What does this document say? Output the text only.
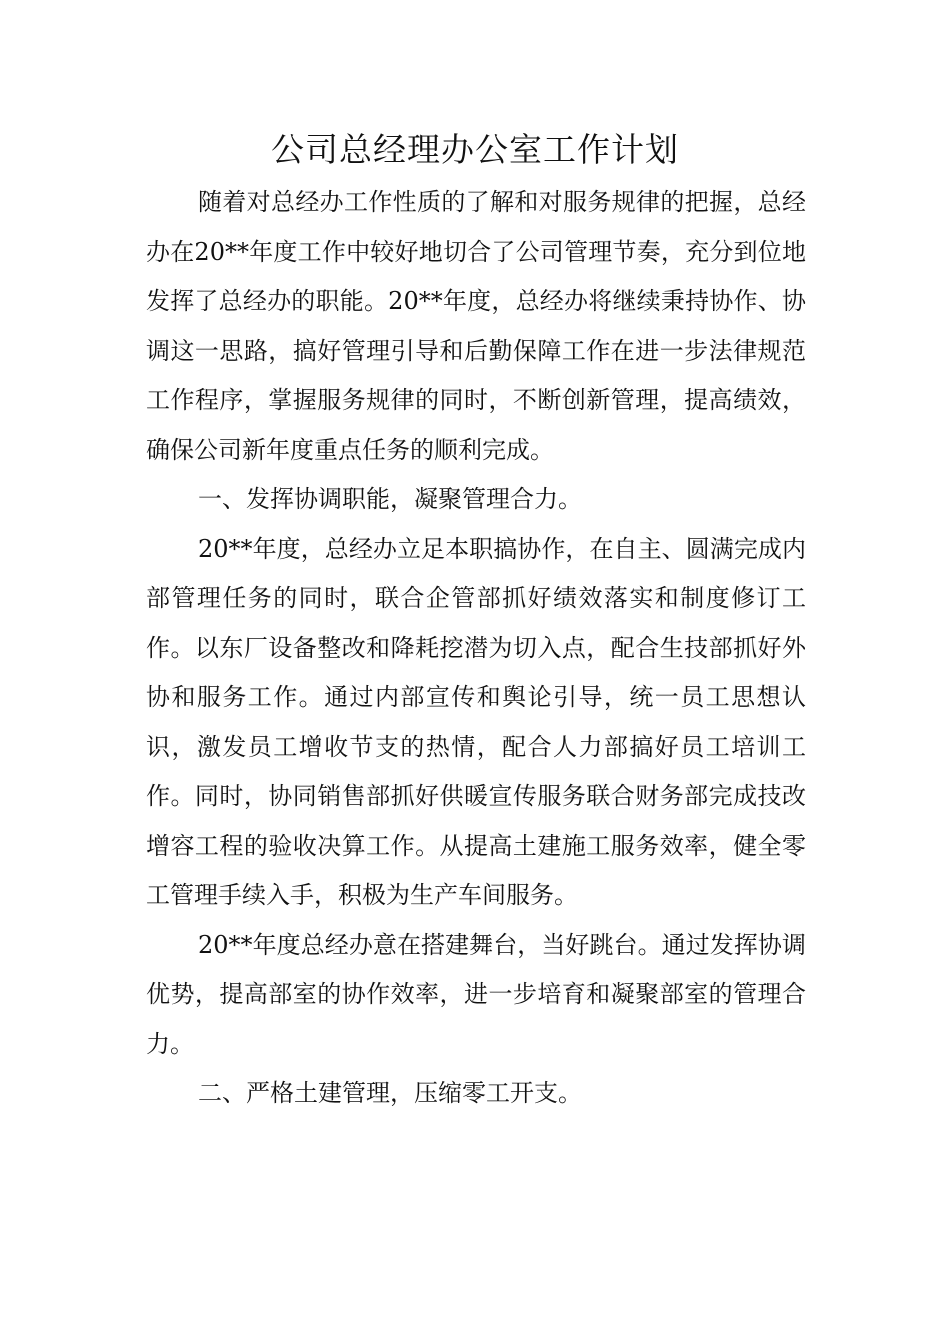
公司总经理办公室工作计划

随着对总经办工作性质的了解和对服务规律的把握，总经办在20**年度工作中较好地切合了公司管理节奏，充分到位地发挥了总经办的职能。20**年度，总经办将继续秉持协作、协调这一思路，搞好管理引导和后勤保障工作在进一步法律规范工作程序，掌握服务规律的同时，不断创新管理，提高绩效，确保公司新年度重点任务的顺利完成。

一、发挥协调职能，凝聚管理合力。

20**年度，总经办立足本职搞协作，在自主、圆满完成内部管理任务的同时，联合企管部抓好绩效落实和制度修订工作。以东厂设备整改和降耗挖潜为切入点，配合生技部抓好外协和服务工作。通过内部宣传和舆论引导，统一员工思想认识，激发员工增收节支的热情，配合人力部搞好员工培训工作。同时，协同销售部抓好供暖宣传服务联合财务部完成技改增容工程的验收决算工作。从提高土建施工服务效率，健全零工管理手续入手，积极为生产车间服务。

20**年度总经办意在搭建舞台，当好跳台。通过发挥协调优势，提高部室的协作效率，进一步培育和凝聚部室的管理合力。

二、严格土建管理，压缩零工开支。
